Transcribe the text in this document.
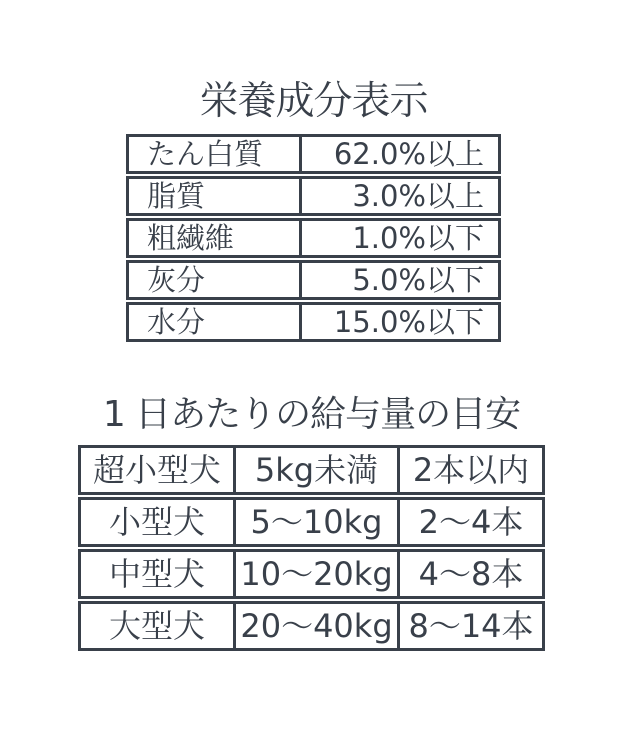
栄養成分表示
たん白質	62.0%以上
脂質	3.0%以上
粗繊維	1.0%以下
灰分	5.0%以下
水分	15.0%以下
1 日あたりの給与量の目安
超小型犬	5kg未満	2本以内
小型犬	5〜10kg	2〜4本
中型犬	10〜20kg 4〜8本
大型犬	20〜40kg 8〜14本
